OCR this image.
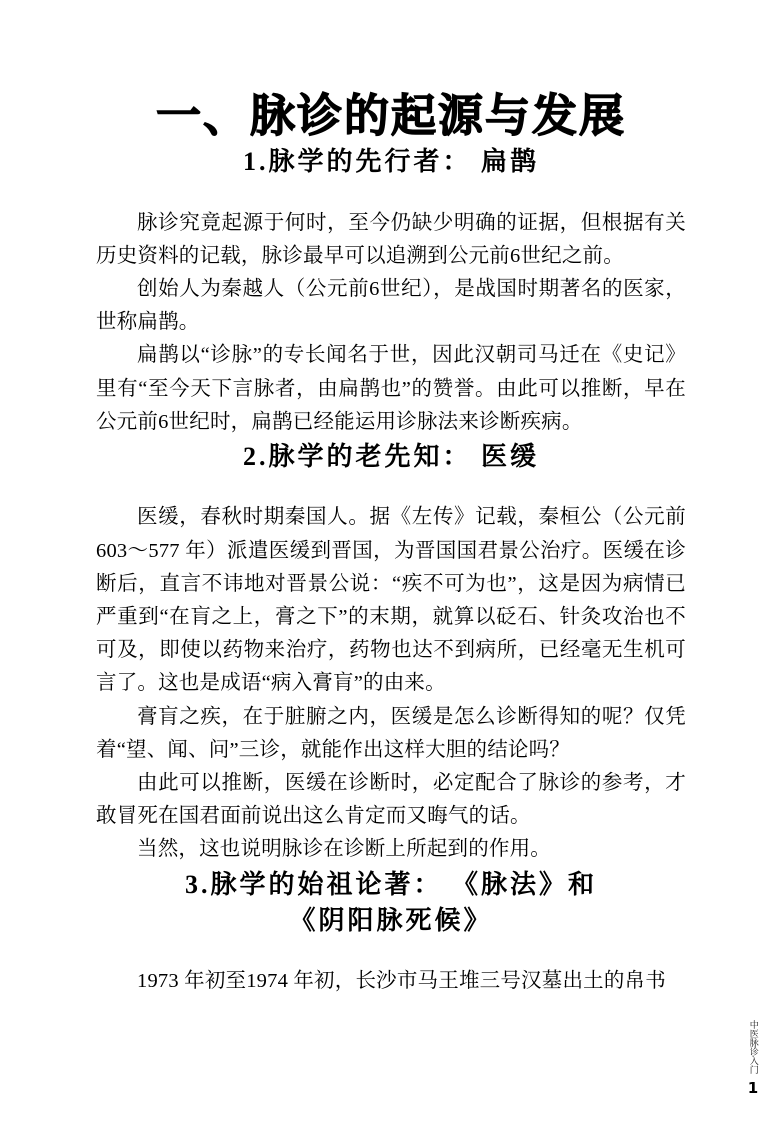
一、脉诊的起源与发展
1.脉学的先行者： 扁鹊

脉诊究竟起源于何时，至今仍缺少明确的证据，但根据有关历史资料的记载，脉诊最早可以追溯到公元前6世纪之前。

创始人为秦越人（公元前6世纪），是战国时期著名的医家，世称扁鹊。

扁鹊以“诊脉”的专长闻名于世，因此汉朝司马迁在《史记》里有“至今天下言脉者，由扁鹊也”的赞誉。由此可以推断，早在公元前6世纪时，扁鹊已经能运用诊脉法来诊断疾病。

2.脉学的老先知： 医缓

医缓，春秋时期秦国人。据《左传》记载，秦桓公（公元前603～577 年）派遣医缓到晋国，为晋国国君景公治疗。医缓在诊断后，直言不讳地对晋景公说：“疾不可为也”，这是因为病情已严重到“在肓之上，膏之下”的末期，就算以砭石、针灸攻治也不可及，即使以药物来治疗，药物也达不到病所，已经毫无生机可言了。这也是成语“病入膏肓”的由来。

膏肓之疾，在于脏腑之内，医缓是怎么诊断得知的呢？仅凭着“望、闻、问”三诊，就能作出这样大胆的结论吗？

由此可以推断，医缓在诊断时，必定配合了脉诊的参考，才敢冒死在国君面前说出这么肯定而又晦气的话。

当然，这也说明脉诊在诊断上所起到的作用。

3.脉学的始祖论著： 《脉法》和
《阴阳脉死候》

1973 年初至1974 年初，长沙市马王堆三号汉墓出土的帛书

中医脉诊入门
1
